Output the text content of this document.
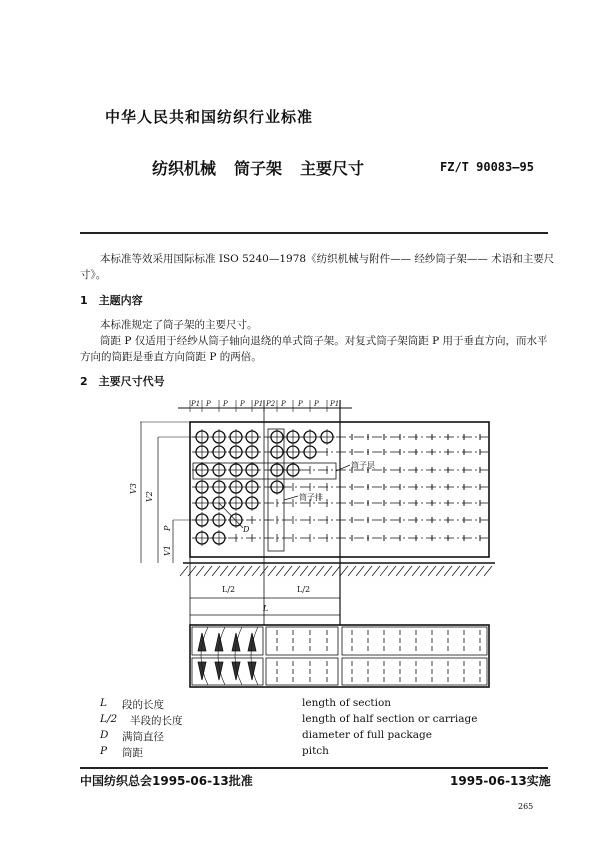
中华人民共和国纺织行业标准
纺织机械 筒子架 主要尺寸	FZ/T 90083—95
本标准等效采用国际标准 ISO 5240—1978《纺织机械与附件—— 经纱筒子架—— 术语和主要尺
寸》。
1　主题内容
本标准规定了筒子架的主要尺寸。
筒距 P 仅适用于经纱从筒子轴向退绕的单式筒子架。对复式筒子架筒距 P 用于垂直方向，而水平
方向的筒距是垂直方向筒距 P 的两倍。
2　主要尺寸代号
P1 P P P P1 P2 P P P P1
筒子层
筒子排
D
V3
V2
P
V1
L/2	L/2
L
L 段的长度	length of section
L/2 半段的长度	length of half section or carriage
D 满筒直径	diameter of full package
P 筒距	pitch
中国纺织总会1995-06-13批准	1995-06-13实施
265
